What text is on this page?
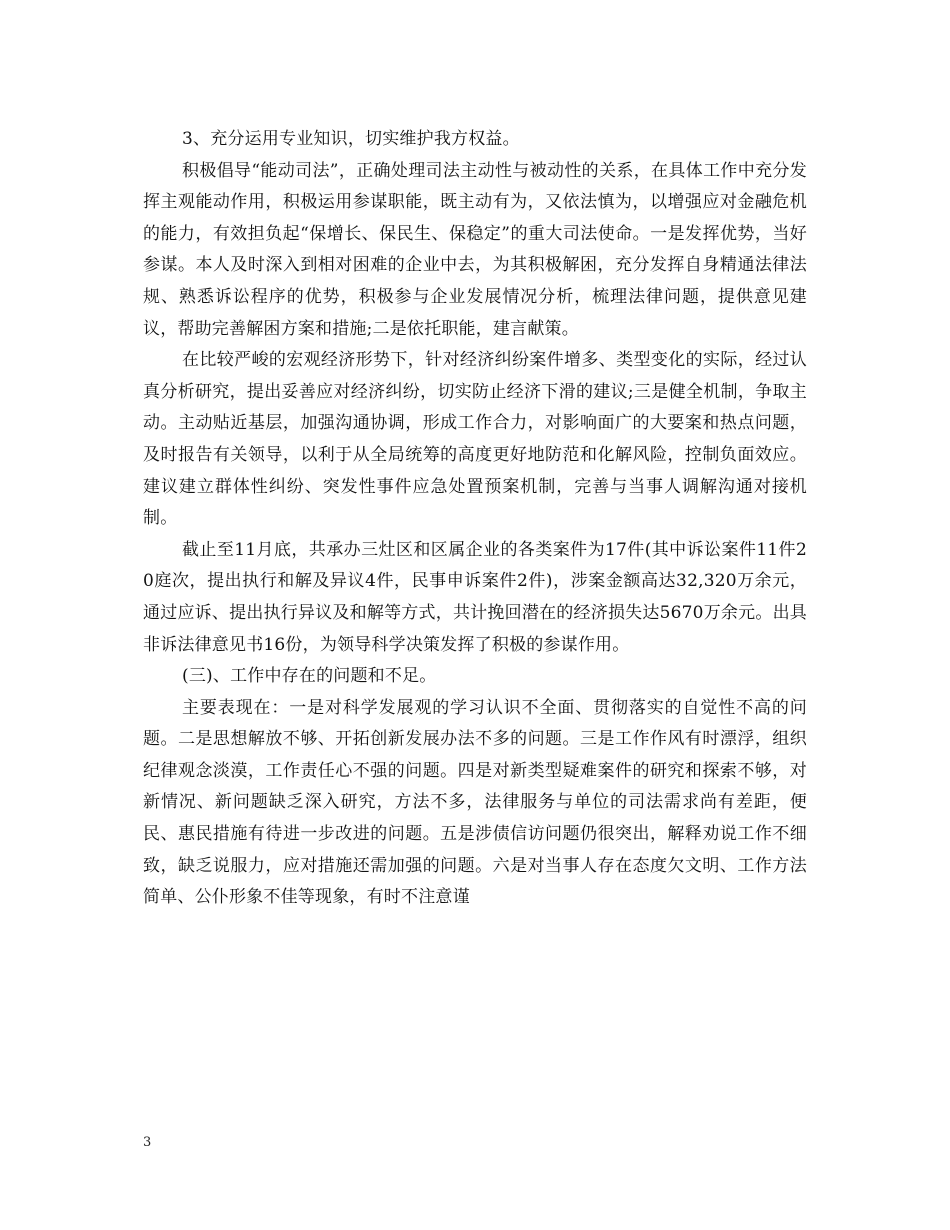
3、充分运用专业知识，切实维护我方权益。

积极倡导“能动司法”，正确处理司法主动性与被动性的关系，在具体工作中充分发挥主观能动作用，积极运用参谋职能，既主动有为，又依法慎为，以增强应对金融危机的能力，有效担负起“保增长、保民生、保稳定”的重大司法使命。一是发挥优势，当好参谋。本人及时深入到相对困难的企业中去，为其积极解困，充分发挥自身精通法律法规、熟悉诉讼程序的优势，积极参与企业发展情况分析，梳理法律问题，提供意见建议，帮助完善解困方案和措施;二是依托职能，建言献策。

在比较严峻的宏观经济形势下，针对经济纠纷案件增多、类型变化的实际，经过认真分析研究，提出妥善应对经济纠纷，切实防止经济下滑的建议;三是健全机制，争取主动。主动贴近基层，加强沟通协调，形成工作合力，对影响面广的大要案和热点问题，及时报告有关领导，以利于从全局统筹的高度更好地防范和化解风险，控制负面效应。建议建立群体性纠纷、突发性事件应急处置预案机制，完善与当事人调解沟通对接机制。

截止至11月底，共承办三灶区和区属企业的各类案件为17件(其中诉讼案件11件20庭次，提出执行和解及异议4件，民事申诉案件2件)，涉案金额高达32,320万余元，通过应诉、提出执行异议及和解等方式，共计挽回潜在的经济损失达5670万余元。出具非诉法律意见书16份，为领导科学决策发挥了积极的参谋作用。

(三)、工作中存在的问题和不足。

主要表现在：一是对科学发展观的学习认识不全面、贯彻落实的自觉性不高的问题。二是思想解放不够、开拓创新发展办法不多的问题。三是工作作风有时漂浮，组织纪律观念淡漠，工作责任心不强的问题。四是对新类型疑难案件的研究和探索不够，对新情况、新问题缺乏深入研究，方法不多，法律服务与单位的司法需求尚有差距，便民、惠民措施有待进一步改进的问题。五是涉债信访问题仍很突出，解释劝说工作不细致，缺乏说服力，应对措施还需加强的问题。六是对当事人存在态度欠文明、工作方法简单、公仆形象不佳等现象，有时不注意谨

3
